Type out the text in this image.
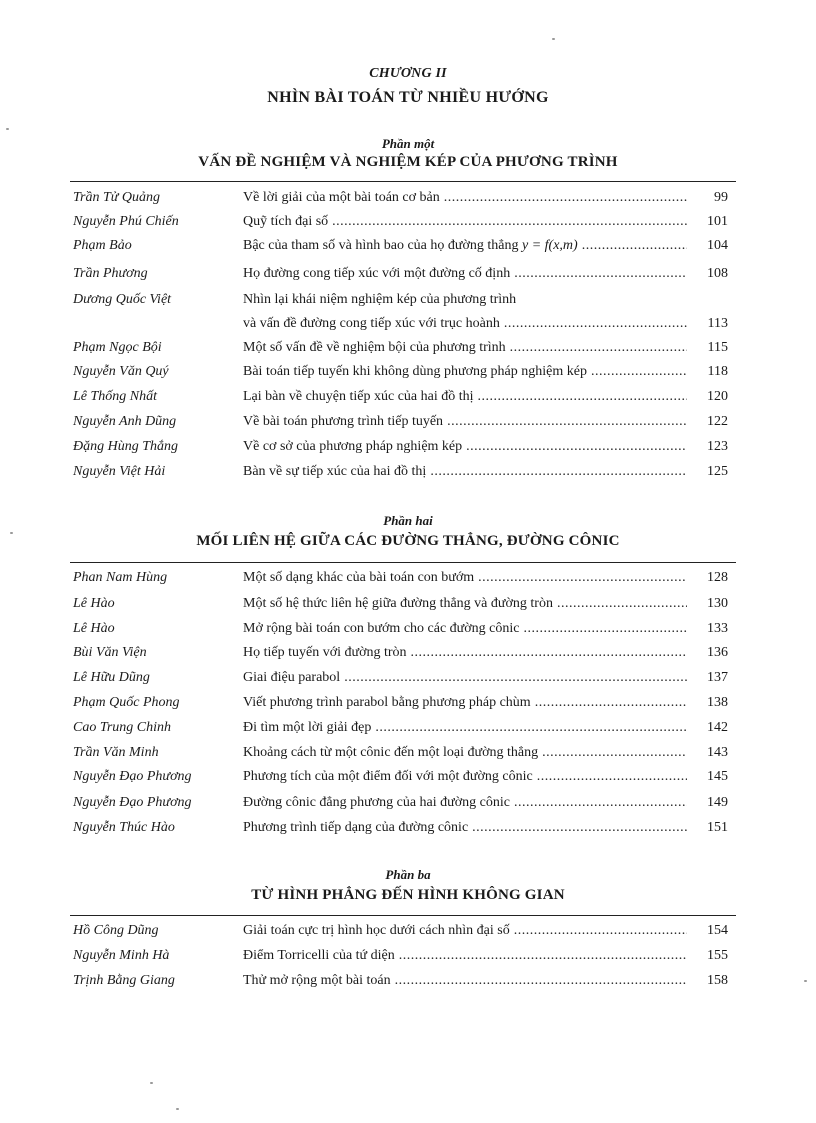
CHƯƠNG II
NHÌN BÀI TOÁN TỪ NHIỀU HƯỚNG
Phần một
VẤN ĐỀ NGHIỆM VÀ NGHIỆM KÉP CỦA PHƯƠNG TRÌNH
Trần Tử Quảng	Về lời giải của một bài toán cơ bản .....	99
Nguyễn Phú Chiến	Quỹ tích đại số .....	101
Phạm Bảo	Bậc của tham số và hình bao của họ đường thẳng y = f(x,m) .....	104
Trần Phương	Họ đường cong tiếp xúc với một đường cố định .....	108
Dương Quốc Việt	Nhìn lại khái niệm nghiệm kép của phương trình
và vấn đề đường cong tiếp xúc với trục hoành .....	113
Phạm Ngọc Bội	Một số vấn đề về nghiệm bội của phương trình .....	115
Nguyễn Văn Quý	Bài toán tiếp tuyến khi không dùng phương pháp nghiệm kép .....	118
Lê Thống Nhất	Lại bàn về chuyện tiếp xúc của hai đồ thị .....	120
Nguyễn Anh Dũng	Về bài toán phương trình tiếp tuyến .....	122
Đặng Hùng Thắng	Về cơ sở của phương pháp nghiệm kép .....	123
Nguyễn Việt Hải	Bàn về sự tiếp xúc của hai đồ thị .....	125
Phần hai
MỐI LIÊN HỆ GIỮA CÁC ĐƯỜNG THẲNG, ĐƯỜNG CÔNIC
Phan Nam Hùng	Một số dạng khác của bài toán con bướm .....	128
Lê Hào	Một số hệ thức liên hệ giữa đường thẳng và đường tròn .....	130
Lê Hào	Mở rộng bài toán con bướm cho các đường cônic .....	133
Bùi Văn Viện	Họ tiếp tuyến với đường tròn .....	136
Lê Hữu Dũng	Giai điệu parabol .....	137
Phạm Quốc Phong	Viết phương trình parabol bằng phương pháp chùm .....	138
Cao Trung Chinh	Đi tìm một lời giải đẹp .....	142
Trần Văn Minh	Khoảng cách từ một cônic đến một loại đường thẳng .....	143
Nguyễn Đạo Phương	Phương tích của một điểm đối với một đường cônic .....	145
Nguyễn Đạo Phương	Đường cônic đẳng phương của hai đường cônic .....	149
Nguyễn Thúc Hào	Phương trình tiếp dạng của đường cônic .....	151
Phần ba
TỪ HÌNH PHẲNG ĐẾN HÌNH KHÔNG GIAN
Hồ Công Dũng	Giải toán cực trị hình học dưới cách nhìn đại số .....	154
Nguyễn Minh Hà	Điểm Torricelli của tứ diện .....	155
Trịnh Bằng Giang	Thử mở rộng một bài toán .....	158
